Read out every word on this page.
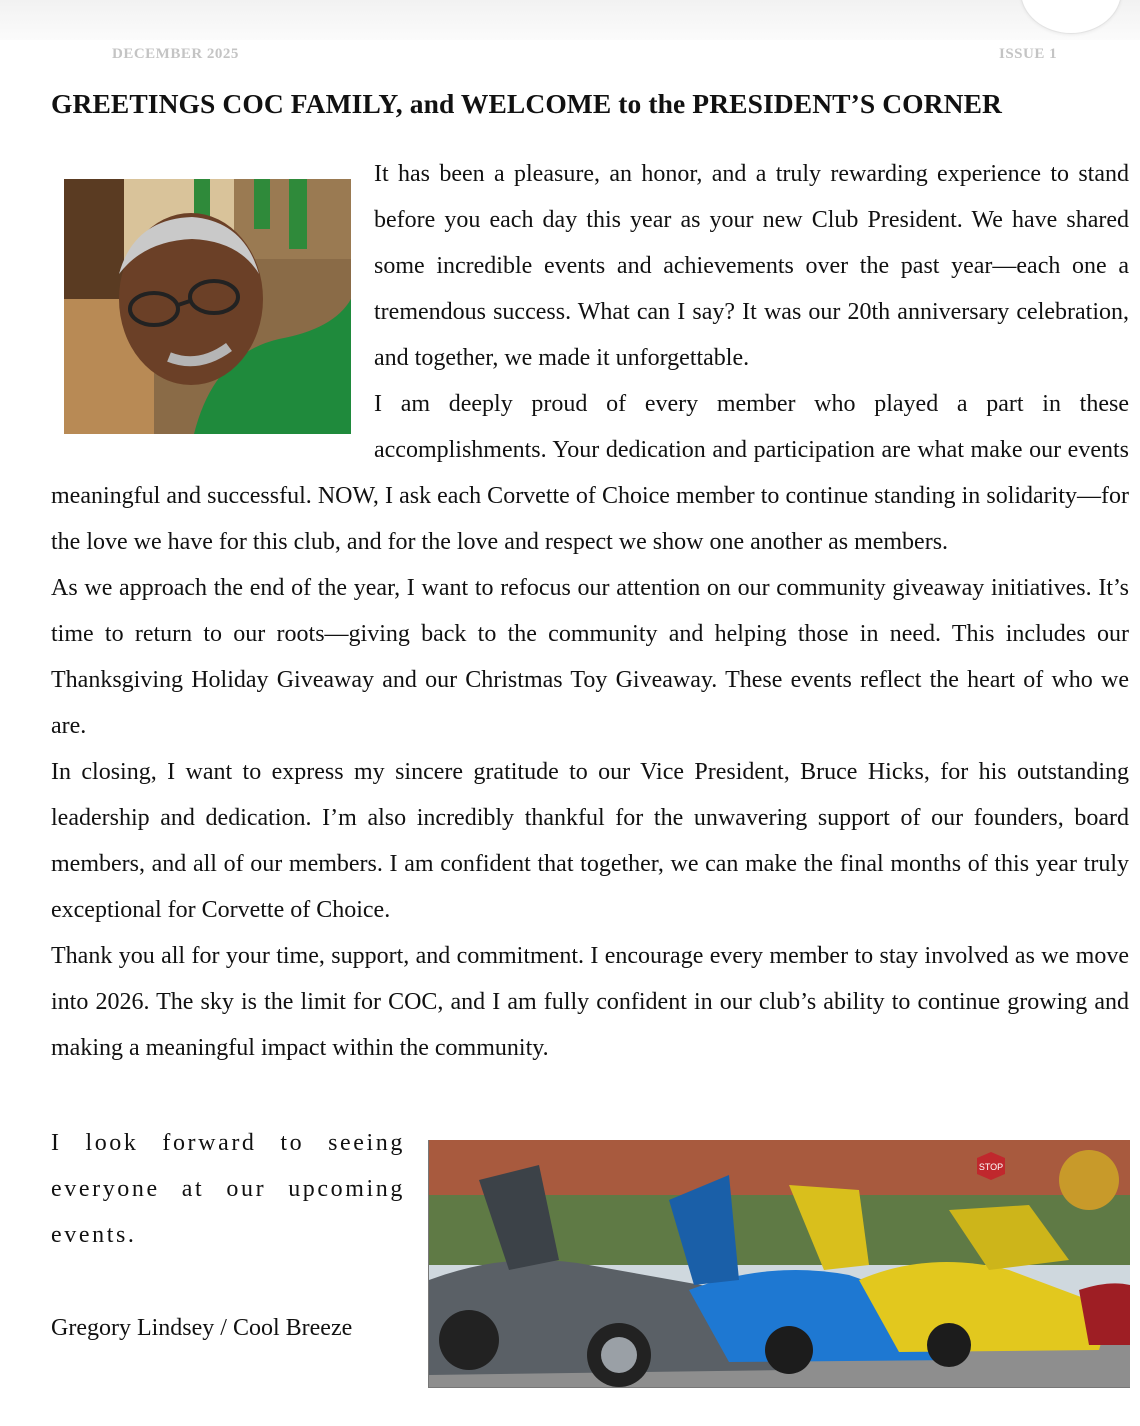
DECEMBER 2025	ISSUE 1
GREETINGS COC FAMILY, and WELCOME to the PRESIDENT’S CORNER

It has been a pleasure, an honor, and a truly rewarding experience to stand before you each day this year as your new Club President. We have shared some incredible events and achievements over the past year—each one a tremendous success. What can I say? It was our 20th anniversary celebration, and together, we made it unforgettable.

I am deeply proud of every member who played a part in these accomplishments. Your dedication and participation are what make our events meaningful and successful. NOW, I ask each Corvette of Choice member to continue standing in solidarity—for the love we have for this club, and for the love and respect we show one another as members.

As we approach the end of the year, I want to refocus our attention on our community giveaway initiatives. It’s time to return to our roots—giving back to the community and helping those in need. This includes our Thanksgiving Holiday Giveaway and our Christmas Toy Giveaway. These events reflect the heart of who we are.

In closing, I want to express my sincere gratitude to our Vice President, Bruce Hicks, for his outstanding leadership and dedication. I’m also incredibly thankful for the unwavering support of our founders, board members, and all of our members. I am confident that together, we can make the final months of this year truly exceptional for Corvette of Choice.

Thank you all for your time, support, and commitment. I encourage every member to stay involved as we move into 2026. The sky is the limit for COC, and I am fully confident in our club’s ability to continue growing and making a meaningful impact within the community.

STOP

I look forward to seeing everyone at our upcoming events.

Gregory Lindsey / Cool Breeze
